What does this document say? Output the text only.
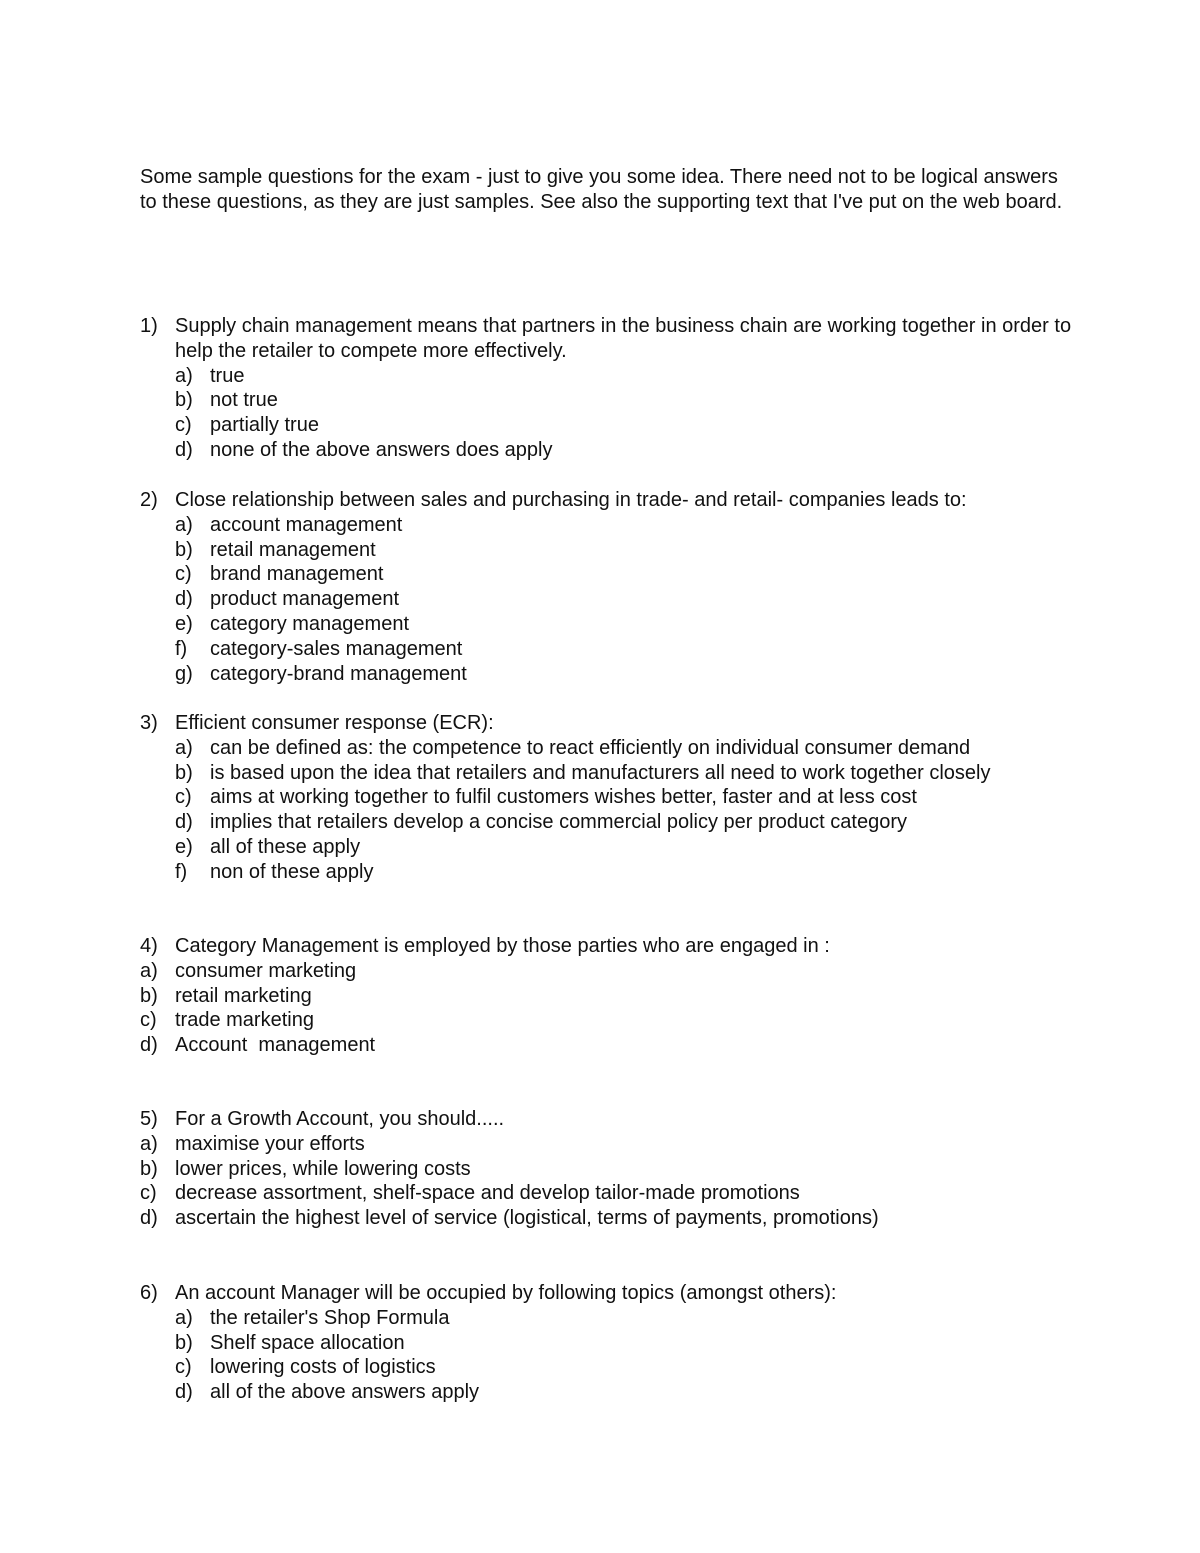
Some sample questions for the exam - just to give you some idea. There need not to be logical answers to these questions, as they are just samples. See also the supporting text that I've put on the web board.

1) Supply chain management means that partners in the business chain are working together in order to help the retailer to compete more effectively.
a) true
b) not true
c) partially true
d) none of the above answers does apply
2) Close relationship between sales and purchasing in trade- and retail- companies leads to:
a) account management
b) retail management
c) brand management
d) product management
e) category management
f)	category-sales management
g) category-brand management
3) Efficient consumer response (ECR):
a) can be defined as: the competence to react efficiently on individual consumer demand
b) is based upon the idea that retailers and manufacturers all need to work together closely
c) aims at working together to fulfil customers wishes better, faster and at less cost
d) implies that retailers develop a concise commercial policy per product category
e) all of these apply
f)	non of these apply
4) Category Management is employed by those parties who are engaged in :
a) consumer marketing
b) retail marketing
c) trade marketing
d) Account  management
5) For a Growth Account, you should.....
a) maximise your efforts
b) lower prices, while lowering costs
c) decrease assortment, shelf-space and develop tailor-made promotions
d) ascertain the highest level of service (logistical, terms of payments, promotions)
6) An account Manager will be occupied by following topics (amongst others):
a) the retailer's Shop Formula
b) Shelf space allocation
c) lowering costs of logistics
d) all of the above answers apply
